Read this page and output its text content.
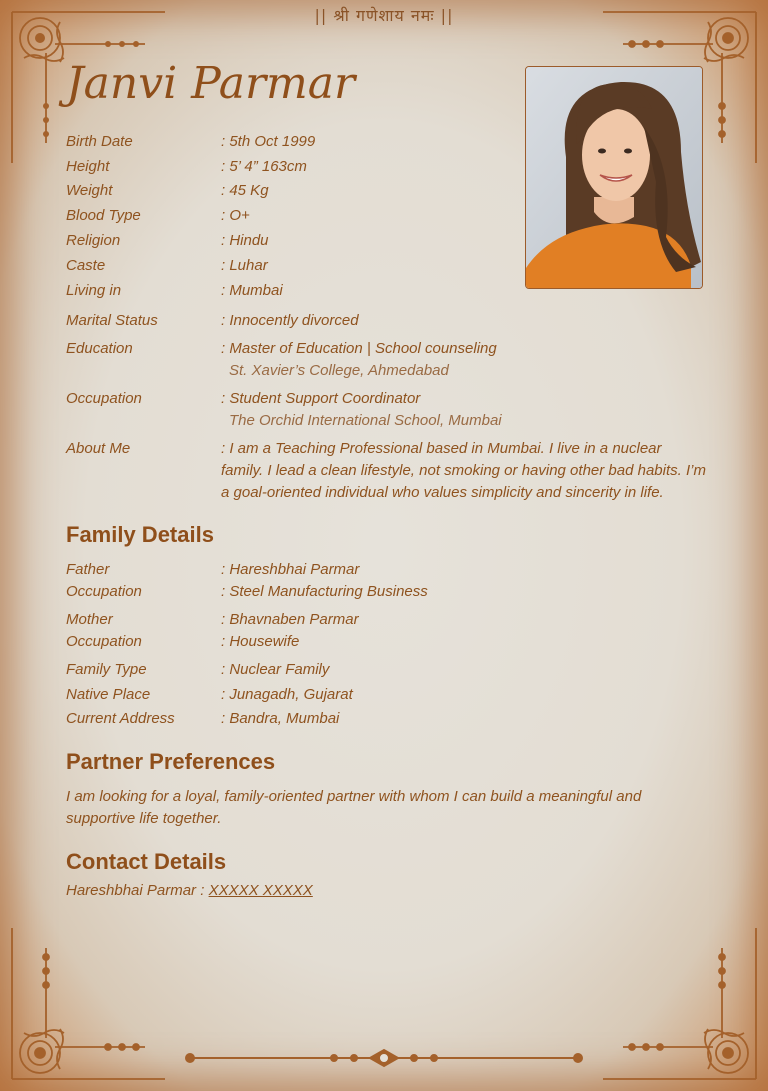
|| श्री गणेशाय नमः ||
Janvi Parmar
Birth Date	: 5th Oct 1999
Height	: 5’ 4” 163cm
Weight	: 45 Kg
Blood Type	: O+
Religion	: Hindu
Caste	: Luhar
Living in	: Mumbai
Marital Status	: Innocently divorced
Education	: Master of Education | School counseling
St. Xavier’s College, Ahmedabad
Occupation	: Student Support Coordinator
The Orchid International School, Mumbai
About Me	: I am a Teaching Professional based in Mumbai. I live in a nuclear family. I lead a clean lifestyle, not smoking or having other bad habits. I’m a goal-oriented individual who values simplicity and sincerity in life.
Family Details
Father	: Hareshbhai Parmar
Occupation	: Steel Manufacturing Business
Mother	: Bhavnaben Parmar
Occupation	: Housewife
Family Type	: Nuclear Family
Native Place	: Junagadh, Gujarat
Current Address	: Bandra, Mumbai
Partner Preferences
I am looking for a loyal, family-oriented partner with whom I can build a meaningful and supportive life together.
Contact Details
Hareshbhai Parmar : XXXXX XXXXX
